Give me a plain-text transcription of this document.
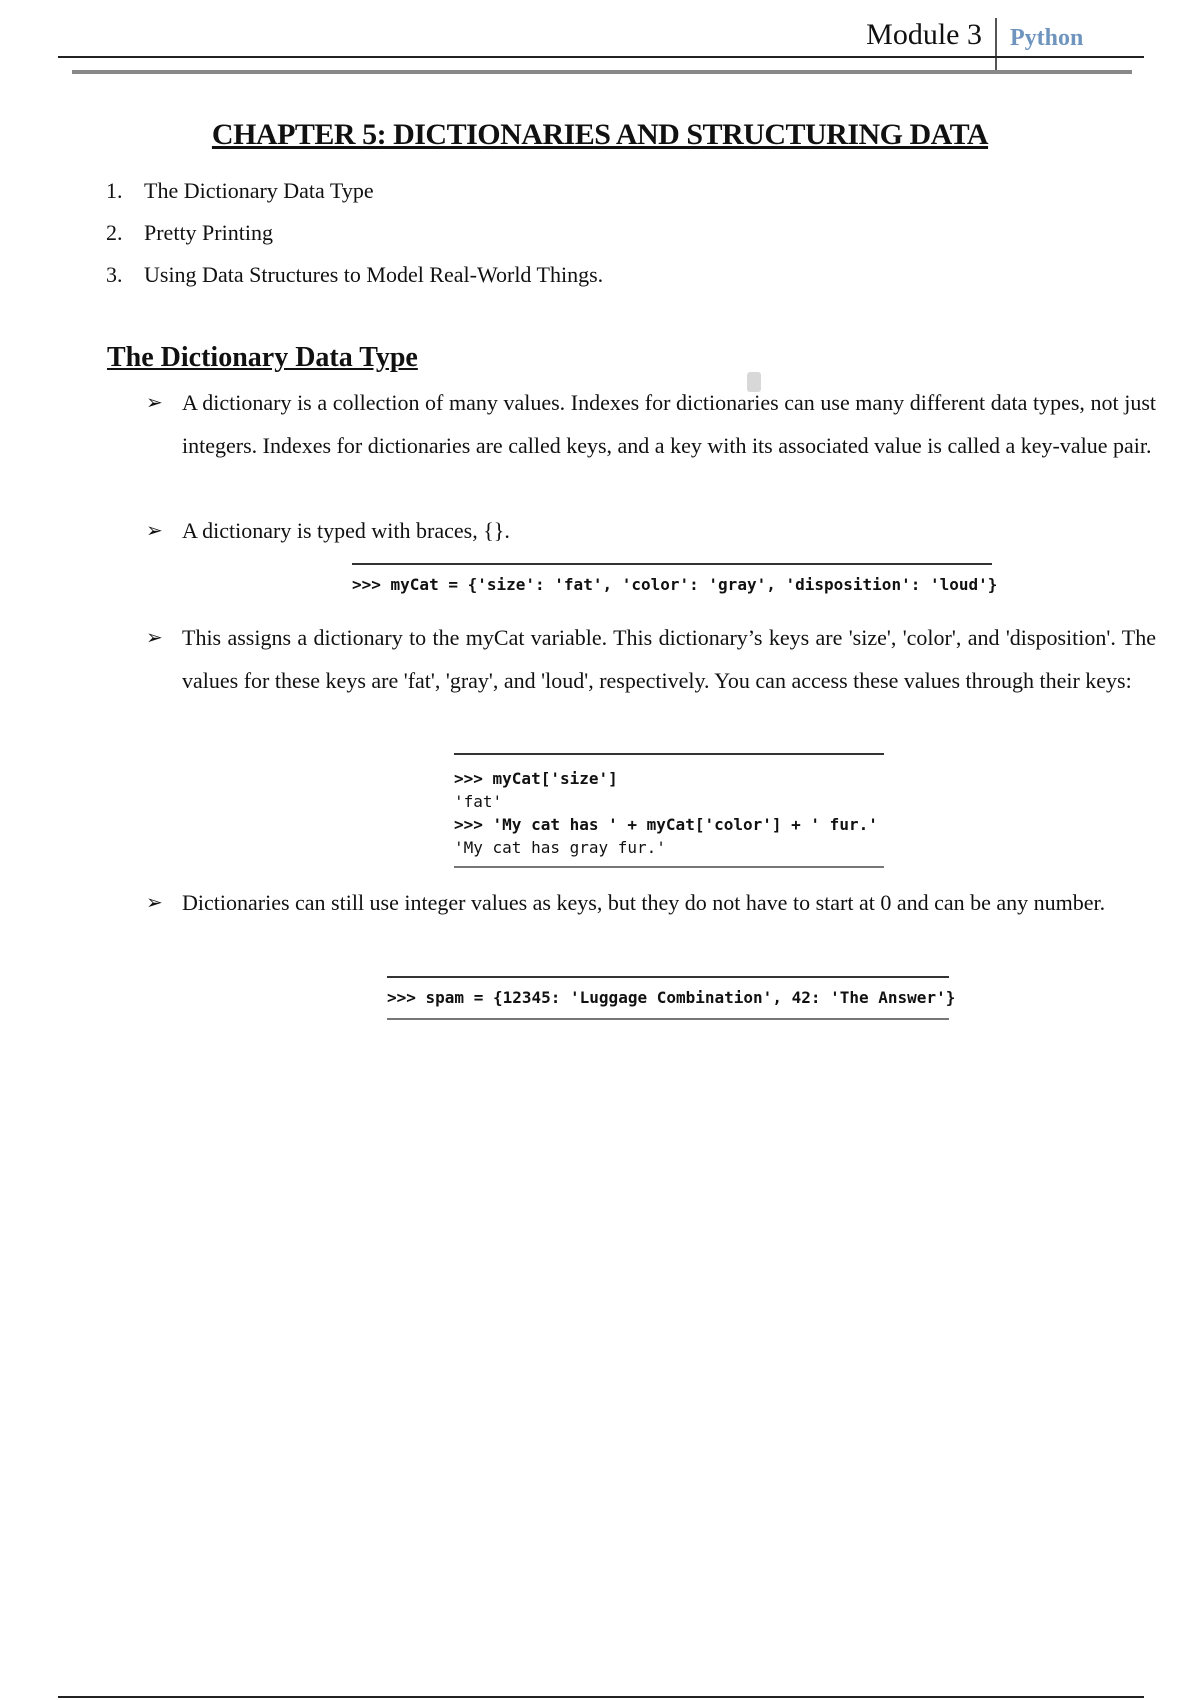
Module 3 Python
CHAPTER 5: DICTIONARIES AND STRUCTURING DATA
1. The Dictionary Data Type
2. Pretty Printing
3. Using Data Structures to Model Real-World Things.
The Dictionary Data Type
➢ A dictionary is a collection of many values. Indexes for dictionaries can use many different data types, not just integers. Indexes for dictionaries are called keys, and a key with its associated value is called a key-value pair.
➢ A dictionary is typed with braces, {}.
>>> myCat = {'size': 'fat', 'color': 'gray', 'disposition': 'loud'}
➢ This assigns a dictionary to the myCat variable. This dictionary’s keys are 'size', 'color', and 'disposition'. The values for these keys are 'fat', 'gray', and 'loud', respectively. You can access these values through their keys:
>>> myCat['size']
'fat'
>>> 'My cat has ' + myCat['color'] + ' fur.'
'My cat has gray fur.'
➢ Dictionaries can still use integer values as keys, but they do not have to start at 0 and can be any number.
>>> spam = {12345: 'Luggage Combination', 42: 'The Answer'}
